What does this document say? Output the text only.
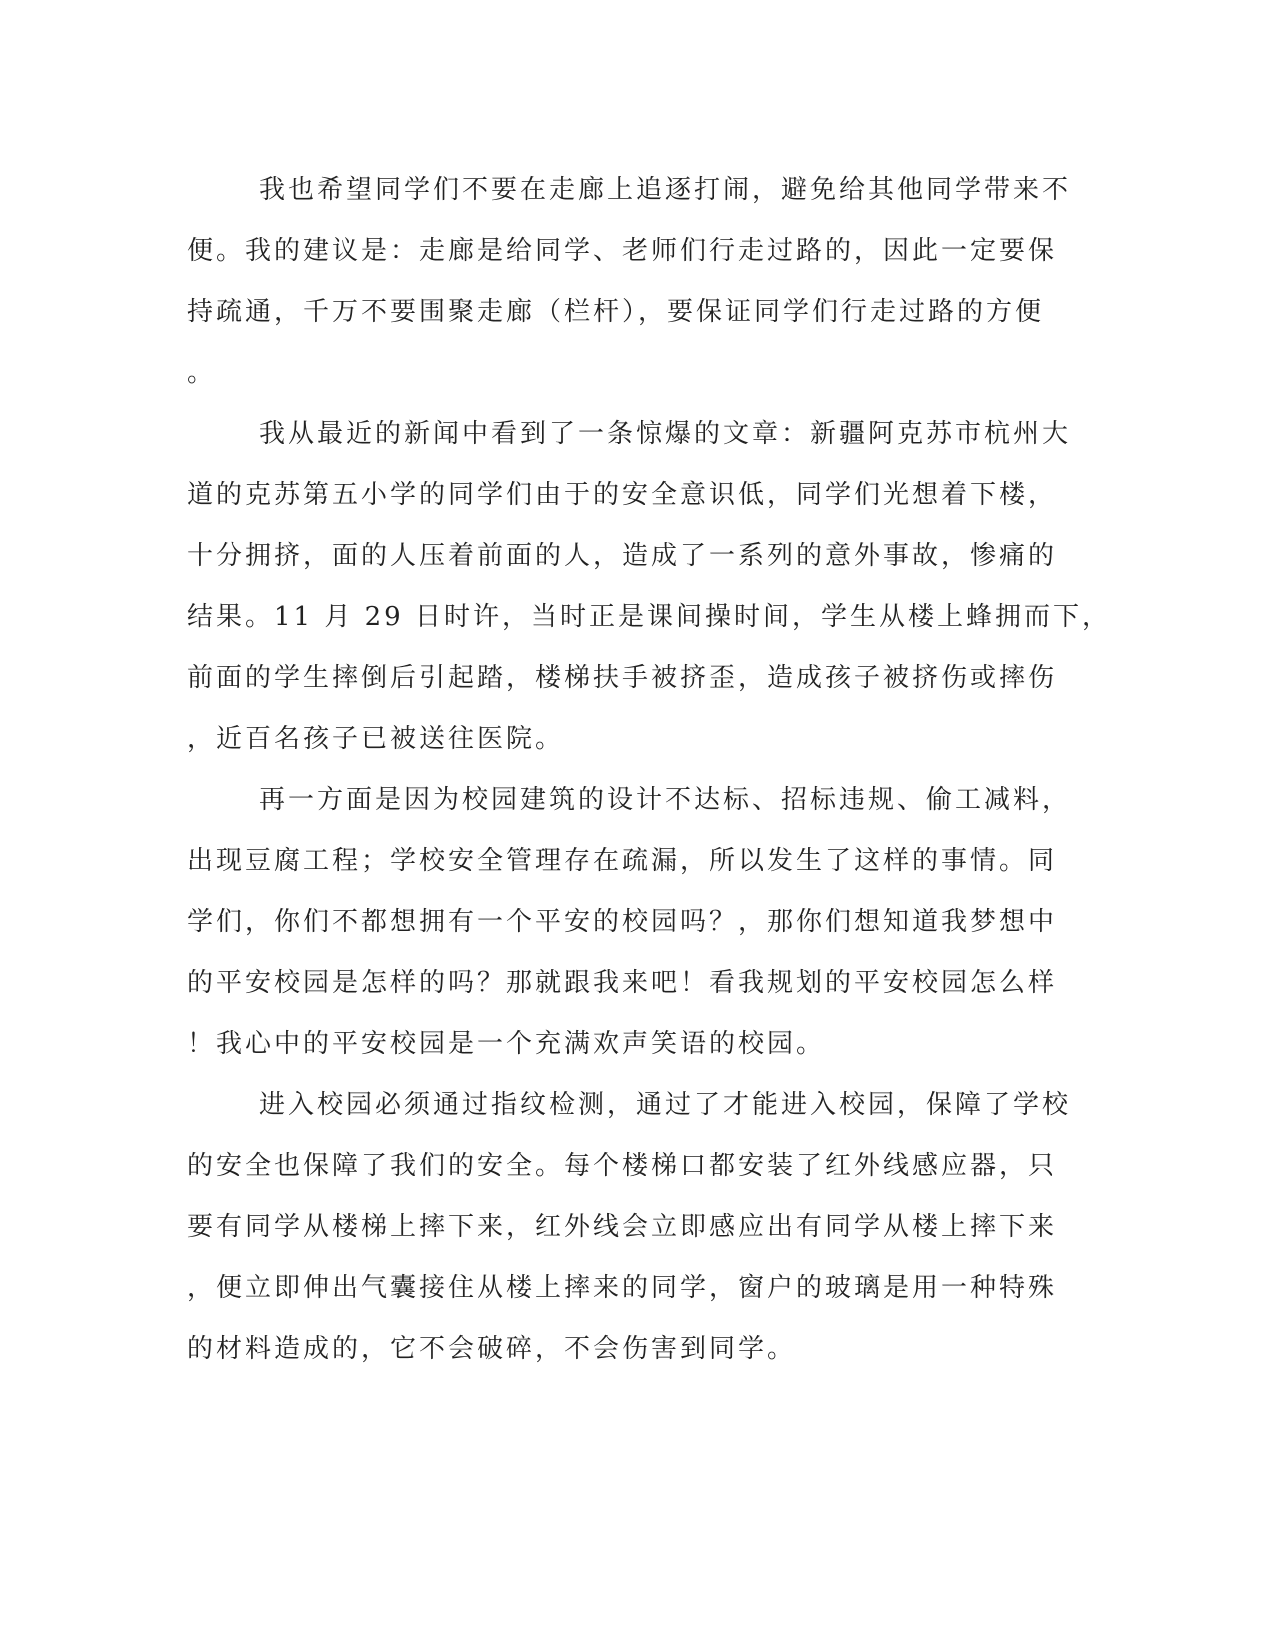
我也希望同学们不要在走廊上追逐打闹，避免给其他同学带来不
便。我的建议是：走廊是给同学、老师们行走过路的，因此一定要保
持疏通，千万不要围聚走廊（栏杆），要保证同学们行走过路的方便
。
我从最近的新闻中看到了一条惊爆的文章：新疆阿克苏市杭州大
道的克苏第五小学的同学们由于的安全意识低，同学们光想着下楼，
十分拥挤，面的人压着前面的人，造成了一系列的意外事故，惨痛的
结果。11 月 29 日时许，当时正是课间操时间，学生从楼上蜂拥而下，
前面的学生摔倒后引起踏，楼梯扶手被挤歪，造成孩子被挤伤或摔伤
，近百名孩子已被送往医院。
再一方面是因为校园建筑的设计不达标、招标违规、偷工减料，
出现豆腐工程；学校安全管理存在疏漏，所以发生了这样的事情。同
学们，你们不都想拥有一个平安的校园吗？，那你们想知道我梦想中
的平安校园是怎样的吗？那就跟我来吧！看我规划的平安校园怎么样
！我心中的平安校园是一个充满欢声笑语的校园。
进入校园必须通过指纹检测，通过了才能进入校园，保障了学校
的安全也保障了我们的安全。每个楼梯口都安装了红外线感应器，只
要有同学从楼梯上摔下来，红外线会立即感应出有同学从楼上摔下来
，便立即伸出气囊接住从楼上摔来的同学，窗户的玻璃是用一种特殊
的材料造成的，它不会破碎，不会伤害到同学。
